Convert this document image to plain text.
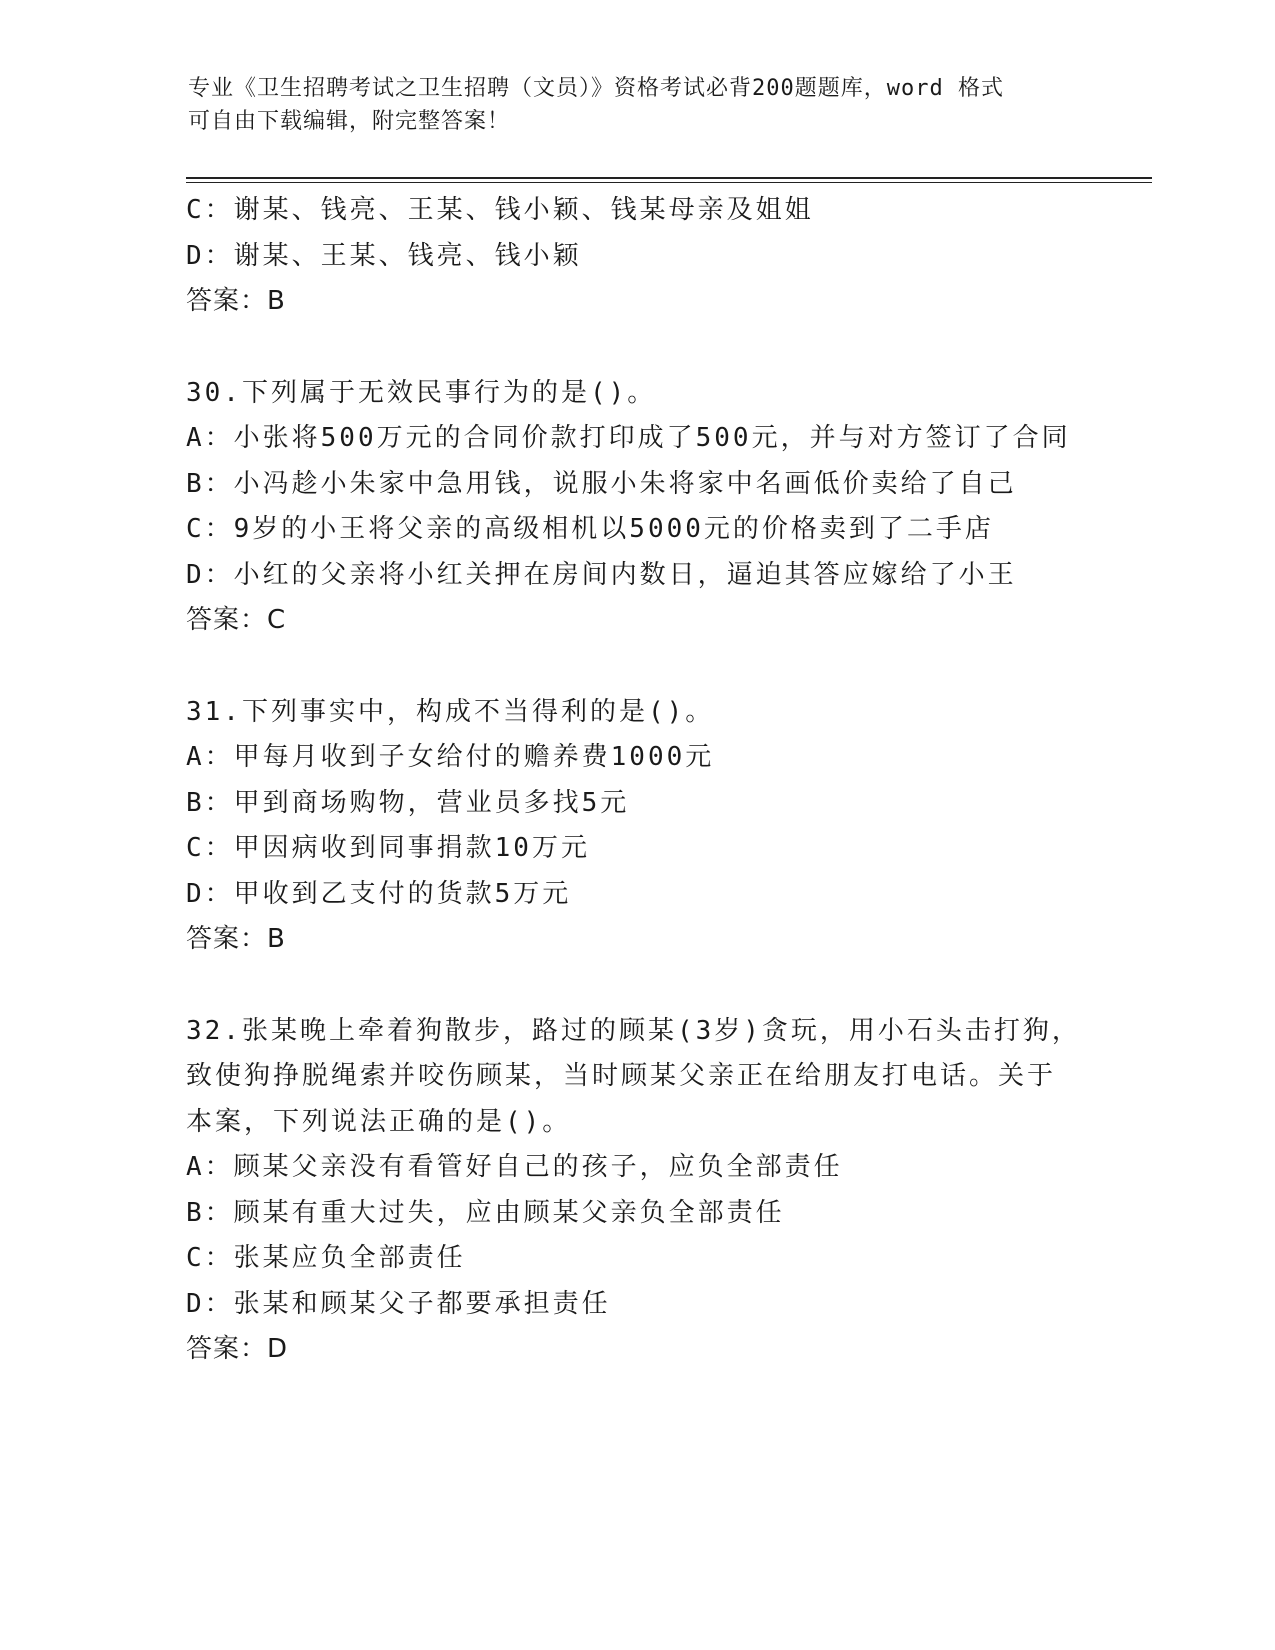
专业《卫生招聘考试之卫生招聘（文员）》资格考试必背200题题库，word 格式
可自由下载编辑，附完整答案！
C：谢某、钱亮、王某、钱小颖、钱某母亲及姐姐
D：谢某、王某、钱亮、钱小颖
答案：B
30.下列属于无效民事行为的是()。
A：小张将500万元的合同价款打印成了500元，并与对方签订了合同
B：小冯趁小朱家中急用钱，说服小朱将家中名画低价卖给了自己
C：9岁的小王将父亲的高级相机以5000元的价格卖到了二手店
D：小红的父亲将小红关押在房间内数日，逼迫其答应嫁给了小王
答案：C
31.下列事实中，构成不当得利的是()。
A：甲每月收到子女给付的赡养费1000元
B：甲到商场购物，营业员多找5元
C：甲因病收到同事捐款10万元
D：甲收到乙支付的货款5万元
答案：B
32.张某晚上牵着狗散步，路过的顾某(3岁)贪玩，用小石头击打狗，
致使狗挣脱绳索并咬伤顾某，当时顾某父亲正在给朋友打电话。关于
本案，下列说法正确的是()。
A：顾某父亲没有看管好自己的孩子，应负全部责任
B：顾某有重大过失，应由顾某父亲负全部责任
C：张某应负全部责任
D：张某和顾某父子都要承担责任
答案：D
